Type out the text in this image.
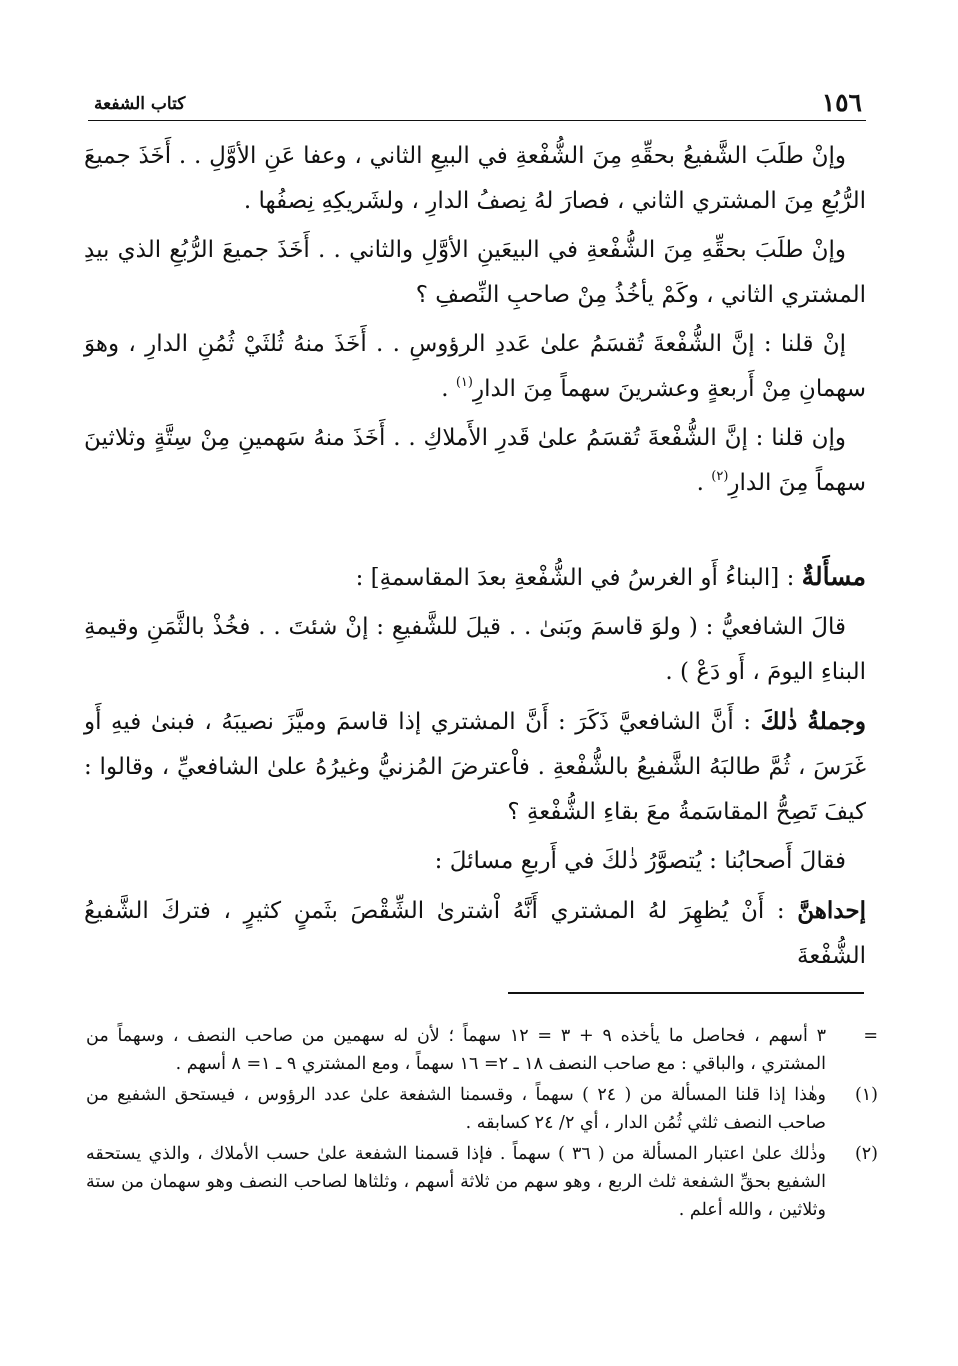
١٥٦
كتاب الشفعة

وإنْ طلَبَ الشَّفيعُ بحقِّهِ مِنَ الشُّفْعةِ في البيعِ الثاني ، وعفا عَنِ الأوَّلِ . . أَخَذَ جميعَ الرُّبُعِ مِنَ المشتري الثاني ، فصارَ لهُ نِصفُ الدارِ ، ولشَريكِهِ نِصفُها .

وإنْ طلَبَ بحقِّهِ مِنَ الشُّفْعةِ في البيعَينِ الأوَّلِ والثاني . . أَخَذَ جميعَ الرُّبُعِ الذي بيدِ المشتري الثاني ، وكَمْ يأخُذُ مِنْ صاحبِ النِّصفِ ؟

إنْ قلنا : إنَّ الشُّفْعةَ تُقسَمُ علىٰ عَددِ الرؤوسِ . . أَخَذَ منهُ ثُلثَيْ ثُمُنِ الدارِ ، وهوَ سهمانِ مِنْ أَربعةٍ وعشرينَ سهماً مِنَ الدارِ$^{(١)}$ .

وإن قلنا : إنَّ الشُّفْعةَ تُقسَمُ علىٰ قَدرِ الأَملاكِ . . أَخَذَ منهُ سَهمينِ مِنْ سِتَّةٍ وثلاثينَ سهماً مِنَ الدارِ$^{(٢)}$ .

مسأَلةٌ : [البناءُ أَو الغرسُ في الشُّفْعةِ بعدَ المقاسمةِ] :

قالَ الشافعيُّ : ( ولوَ قاسمَ وبَنىٰ . . قيلَ للشَّفيعِ : إنْ شئتَ . . فخُذْ بالثَّمَنِ وقيمةِ البناءِ اليومَ ، أَو دَعْ ) .

وجملةُ ذٰلكَ : أَنَّ الشافعيَّ ذَكَرَ : أَنَّ المشتري إذا قاسمَ وميَّزَ نصيبَهُ ، فبنىٰ فيهِ أَو غَرَسَ ، ثُمَّ طالبَهُ الشَّفيعُ بالشُّفْعةِ . فاْعترضَ المُزنيُّ وغيرُهُ علىٰ الشافعيِّ ، وقالوا : كيفَ تَصِحُّ المقاسَمةُ معَ بقاءِ الشُّفْعةِ ؟

فقالَ أَصحابُنا : يُتصوَّرُ ذٰلكَ في أَربعِ مسائلَ :

إحداهنَّ : أَنْ يُظهِرَ لهُ المشتري أَنَّهُ اْشترىٰ الشِّقْصَ بثَمنٍ كثيرٍ ، فتركَ الشَّفيعُ الشُّفْعةَ

=
٣ أسهم ، فحاصل ما يأخذه ٩ + ٣ = ١٢ سهماً ؛ لأن له سهمين من صاحب النصف ، وسهماً من المشتري ، والباقي : مع صاحب النصف ١٨ ـ ٢= ١٦ سهماً ، ومع المشتري ٩ ـ ١= ٨ أسهم .
(١)
وهٰذا إذا قلنا المسألة من ( ٢٤ ) سهماً ، وقسمنا الشفعة علىٰ عدد الرؤوس ، فيستحق الشفيع من صاحب النصف ثلثي ثُمُن الدار ، أي ٢/ ٢٤ كسابقه .
(٢)
وذٰلك علىٰ اعتبار المسألة من ( ٣٦ ) سهماً . فإذا قسمنا الشفعة علىٰ حسب الأملاك ، والذي يستحقه الشفيع بحقِّ الشفعة ثلث الربع ، وهو سهم من ثلاثة أسهم ، وثلثاها لصاحب النصف وهو سهمان من ستة وثلاثين ، والله أعلم .
